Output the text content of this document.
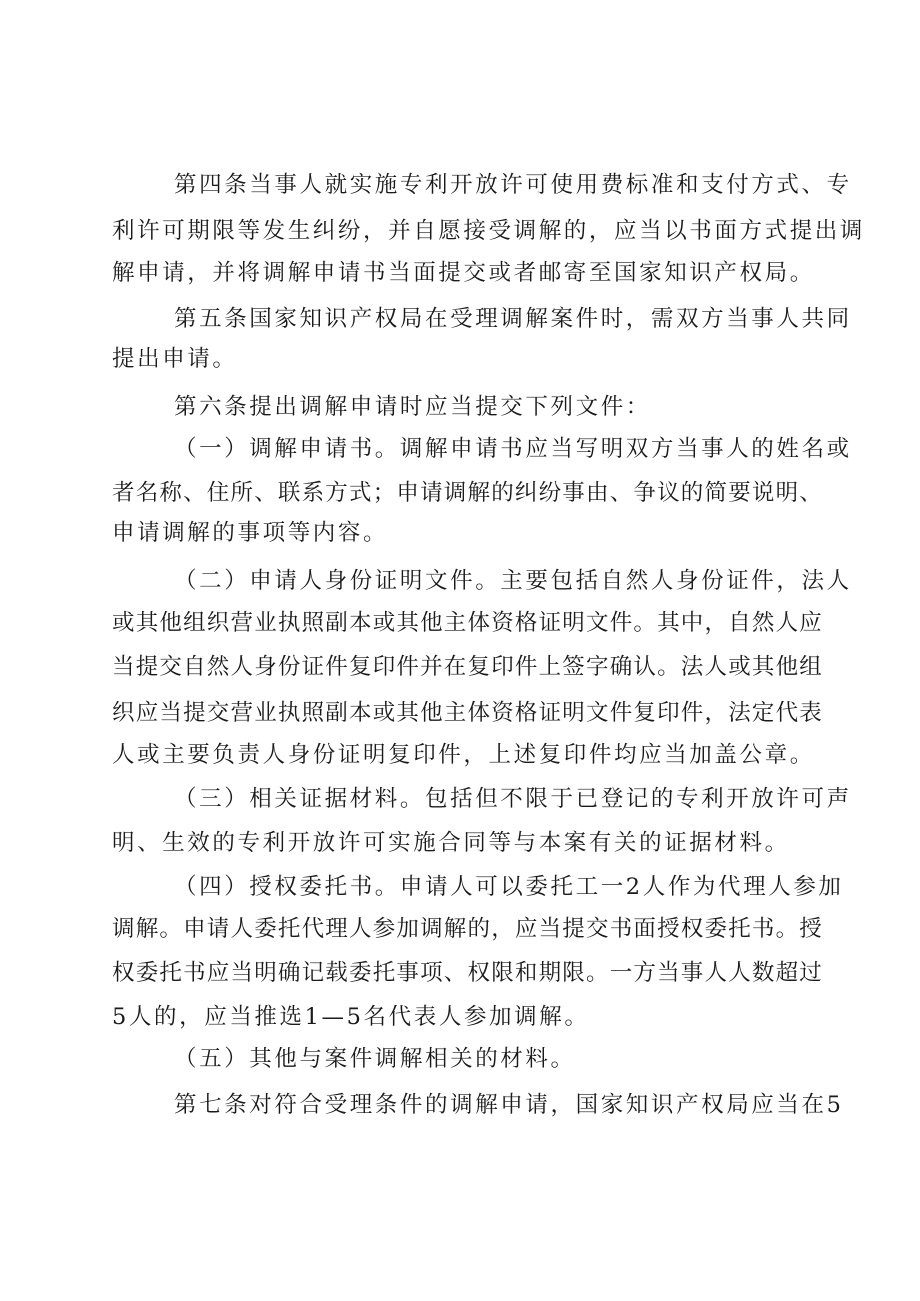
第四条当事人就实施专利开放许可使用费标准和支付方式、专
利许可期限等发生纠纷，并自愿接受调解的，应当以书面方式提出调
解申请，并将调解申请书当面提交或者邮寄至国家知识产权局。
第五条国家知识产权局在受理调解案件时，需双方当事人共同
提出申请。
第六条提出调解申请时应当提交下列文件：
（一）调解申请书。调解申请书应当写明双方当事人的姓名或
者名称、住所、联系方式；申请调解的纠纷事由、争议的简要说明、
申请调解的事项等内容。
（二）申请人身份证明文件。主要包括自然人身份证件，法人
或其他组织营业执照副本或其他主体资格证明文件。其中，自然人应
当提交自然人身份证件复印件并在复印件上签字确认。法人或其他组
织应当提交营业执照副本或其他主体资格证明文件复印件，法定代表
人或主要负责人身份证明复印件，上述复印件均应当加盖公章。
（三）相关证据材料。包括但不限于已登记的专利开放许可声
明、生效的专利开放许可实施合同等与本案有关的证据材料。
（四）授权委托书。申请人可以委托工一2人作为代理人参加
调解。申请人委托代理人参加调解的，应当提交书面授权委托书。授
权委托书应当明确记载委托事项、权限和期限。一方当事人人数超过
5人的，应当推选1—5名代表人参加调解。
（五）其他与案件调解相关的材料。
第七条对符合受理条件的调解申请，国家知识产权局应当在5
